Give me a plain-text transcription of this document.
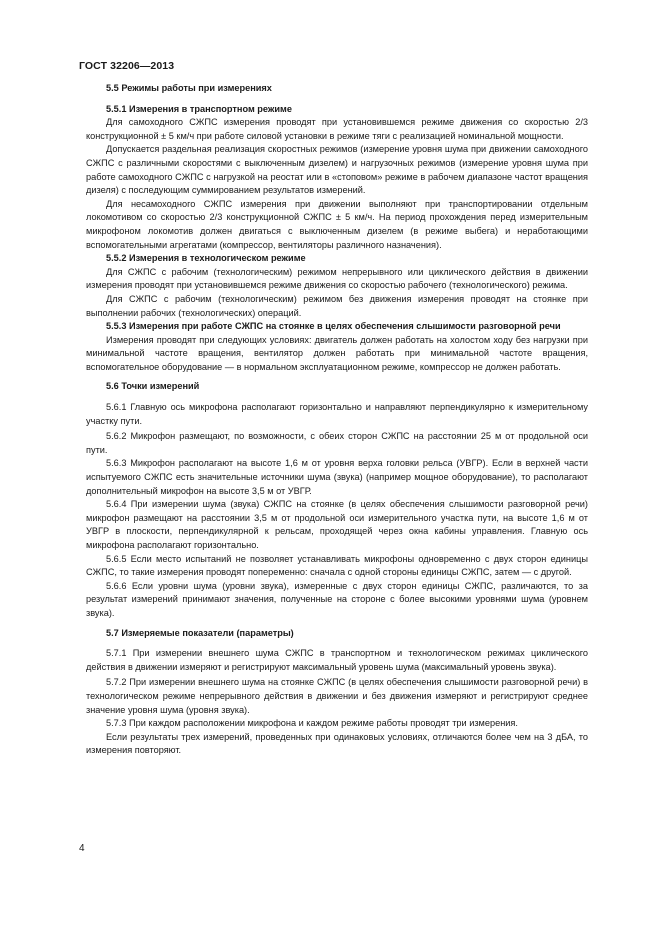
ГОСТ 32206—2013
5.5 Режимы работы при измерениях
5.5.1 Измерения в транспортном режиме

Для самоходного СЖПС измерения проводят при установившемся режиме движения со скоростью 2/3 конструкционной ± 5 км/ч при работе силовой установки в режиме тяги с реализацией номинальной мощности.

Допускается раздельная реализация скоростных режимов (измерение уровня шума при движении самоходного СЖПС с различными скоростями с выключенным дизелем) и нагрузочных режимов (измерение уровня шума при работе самоходного СЖПС с нагрузкой на реостат или в «стоповом» режиме в рабочем диапазоне частот вращения дизеля) с последующим суммированием результатов измерений.

Для несамоходного СЖПС измерения при движении выполняют при транспортировании отдельным локомотивом со скоростью 2/3 конструкционной СЖПС ± 5 км/ч. На период прохождения перед измерительным микрофоном локомотив должен двигаться с выключенным дизелем (в режиме выбега) и неработающими вспомогательными агрегатами (компрессор, вентиляторы различного назначения).

5.5.2 Измерения в технологическом режиме

Для СЖПС с рабочим (технологическим) режимом непрерывного или циклического действия в движении измерения проводят при установившемся режиме движения со скоростью рабочего (технологического) режима.

Для СЖПС с рабочим (технологическим) режимом без движения измерения проводят на стоянке при выполнении рабочих (технологических) операций.

5.5.3 Измерения при работе СЖПС на стоянке в целях обеспечения слышимости разговорной речи

Измерения проводят при следующих условиях: двигатель должен работать на холостом ходу без нагрузки при минимальной частоте вращения, вентилятор должен работать при минимальной частоте вращения, вспомогательное оборудование — в нормальном эксплуатационном режиме, компрессор не должен работать.

5.6 Точки измерений

5.6.1 Главную ось микрофона располагают горизонтально и направляют перпендикулярно к измерительному участку пути.

5.6.2 Микрофон размещают, по возможности, с обеих сторон СЖПС на расстоянии 25 м от продольной оси пути.

5.6.3 Микрофон располагают на высоте 1,6 м от уровня верха головки рельса (УВГР). Если в верхней части испытуемого СЖПС есть значительные источники шума (звука) (например мощное оборудование), то располагают дополнительный микрофон на высоте 3,5 м от УВГР.

5.6.4 При измерении шума (звука) СЖПС на стоянке (в целях обеспечения слышимости разговорной речи) микрофон размещают на расстоянии 3,5 м от продольной оси измерительного участка пути, на высоте 1,6 м от УВГР в плоскости, перпендикулярной к рельсам, проходящей через окна кабины управления. Главную ось микрофона располагают горизонтально.

5.6.5 Если место испытаний не позволяет устанавливать микрофоны одновременно с двух сторон единицы СЖПС, то такие измерения проводят попеременно: сначала с одной стороны единицы СЖПС, затем — с другой.

5.6.6 Если уровни шума (уровни звука), измеренные с двух сторон единицы СЖПС, различаются, то за результат измерений принимают значения, полученные на стороне с более высокими уровнями шума (уровнем звука).

5.7 Измеряемые показатели (параметры)

5.7.1 При измерении внешнего шума СЖПС в транспортном и технологическом режимах циклического действия в движении измеряют и регистрируют максимальный уровень шума (максимальный уровень звука).

5.7.2 При измерении внешнего шума на стоянке СЖПС (в целях обеспечения слышимости разговорной речи) в технологическом режиме непрерывного действия в движении и без движения измеряют и регистрируют среднее значение уровня шума (уровня звука).

5.7.3 При каждом расположении микрофона и каждом режиме работы проводят три измерения.

Если результаты трех измерений, проведенных при одинаковых условиях, отличаются более чем на 3 дБА, то измерения повторяют.

4
